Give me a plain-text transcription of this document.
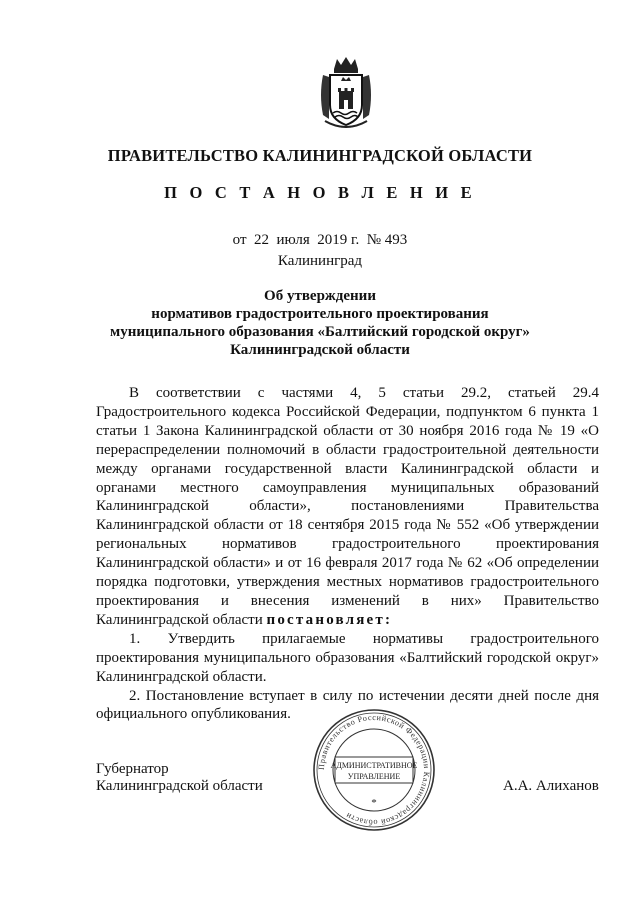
ПРАВИТЕЛЬСТВО КАЛИНИНГРАДСКОЙ ОБЛАСТИ
П О С Т А Н О В Л Е Н И Е
от 22 июля 2019 г. № 493
Калининград
Об утверждении
нормативов градостроительного проектирования
муниципального образования «Балтийский городской округ»
Калининградской области

В соответствии с частями 4, 5 статьи 29.2, статьей 29.4 Градостроительного кодекса Российской Федерации, подпунктом 6 пункта 1 статьи 1 Закона Калининградской области от 30 ноября 2016 года № 19 «О перераспределении полномочий в области градостроительной деятельности между органами государственной власти Калининградской области и органами местного самоуправления муниципальных образований Калининградской области», постановлениями Правительства Калининградской области от 18 сентября 2015 года № 552 «Об утверждении региональных нормативов градостроительного проектирования Калининградской области» и от 16 февраля 2017 года № 62 «Об определении порядка подготовки, утверждения местных нормативов градостроительного проектирования и внесения изменений в них» Правительство Калининградской области постановляет:

1. Утвердить прилагаемые нормативы градостроительного проектирования муниципального образования «Балтийский городской округ» Калининградской области.

2. Постановление вступает в силу по истечении десяти дней после дня официального опубликования.

Губернатор
Калининградской области	А.А. Алиханов
Правительство Российской Федерации Калининградской области
АДМИНИСТРАТИВНОЕ
УПРАВЛЕНИЕ
*
